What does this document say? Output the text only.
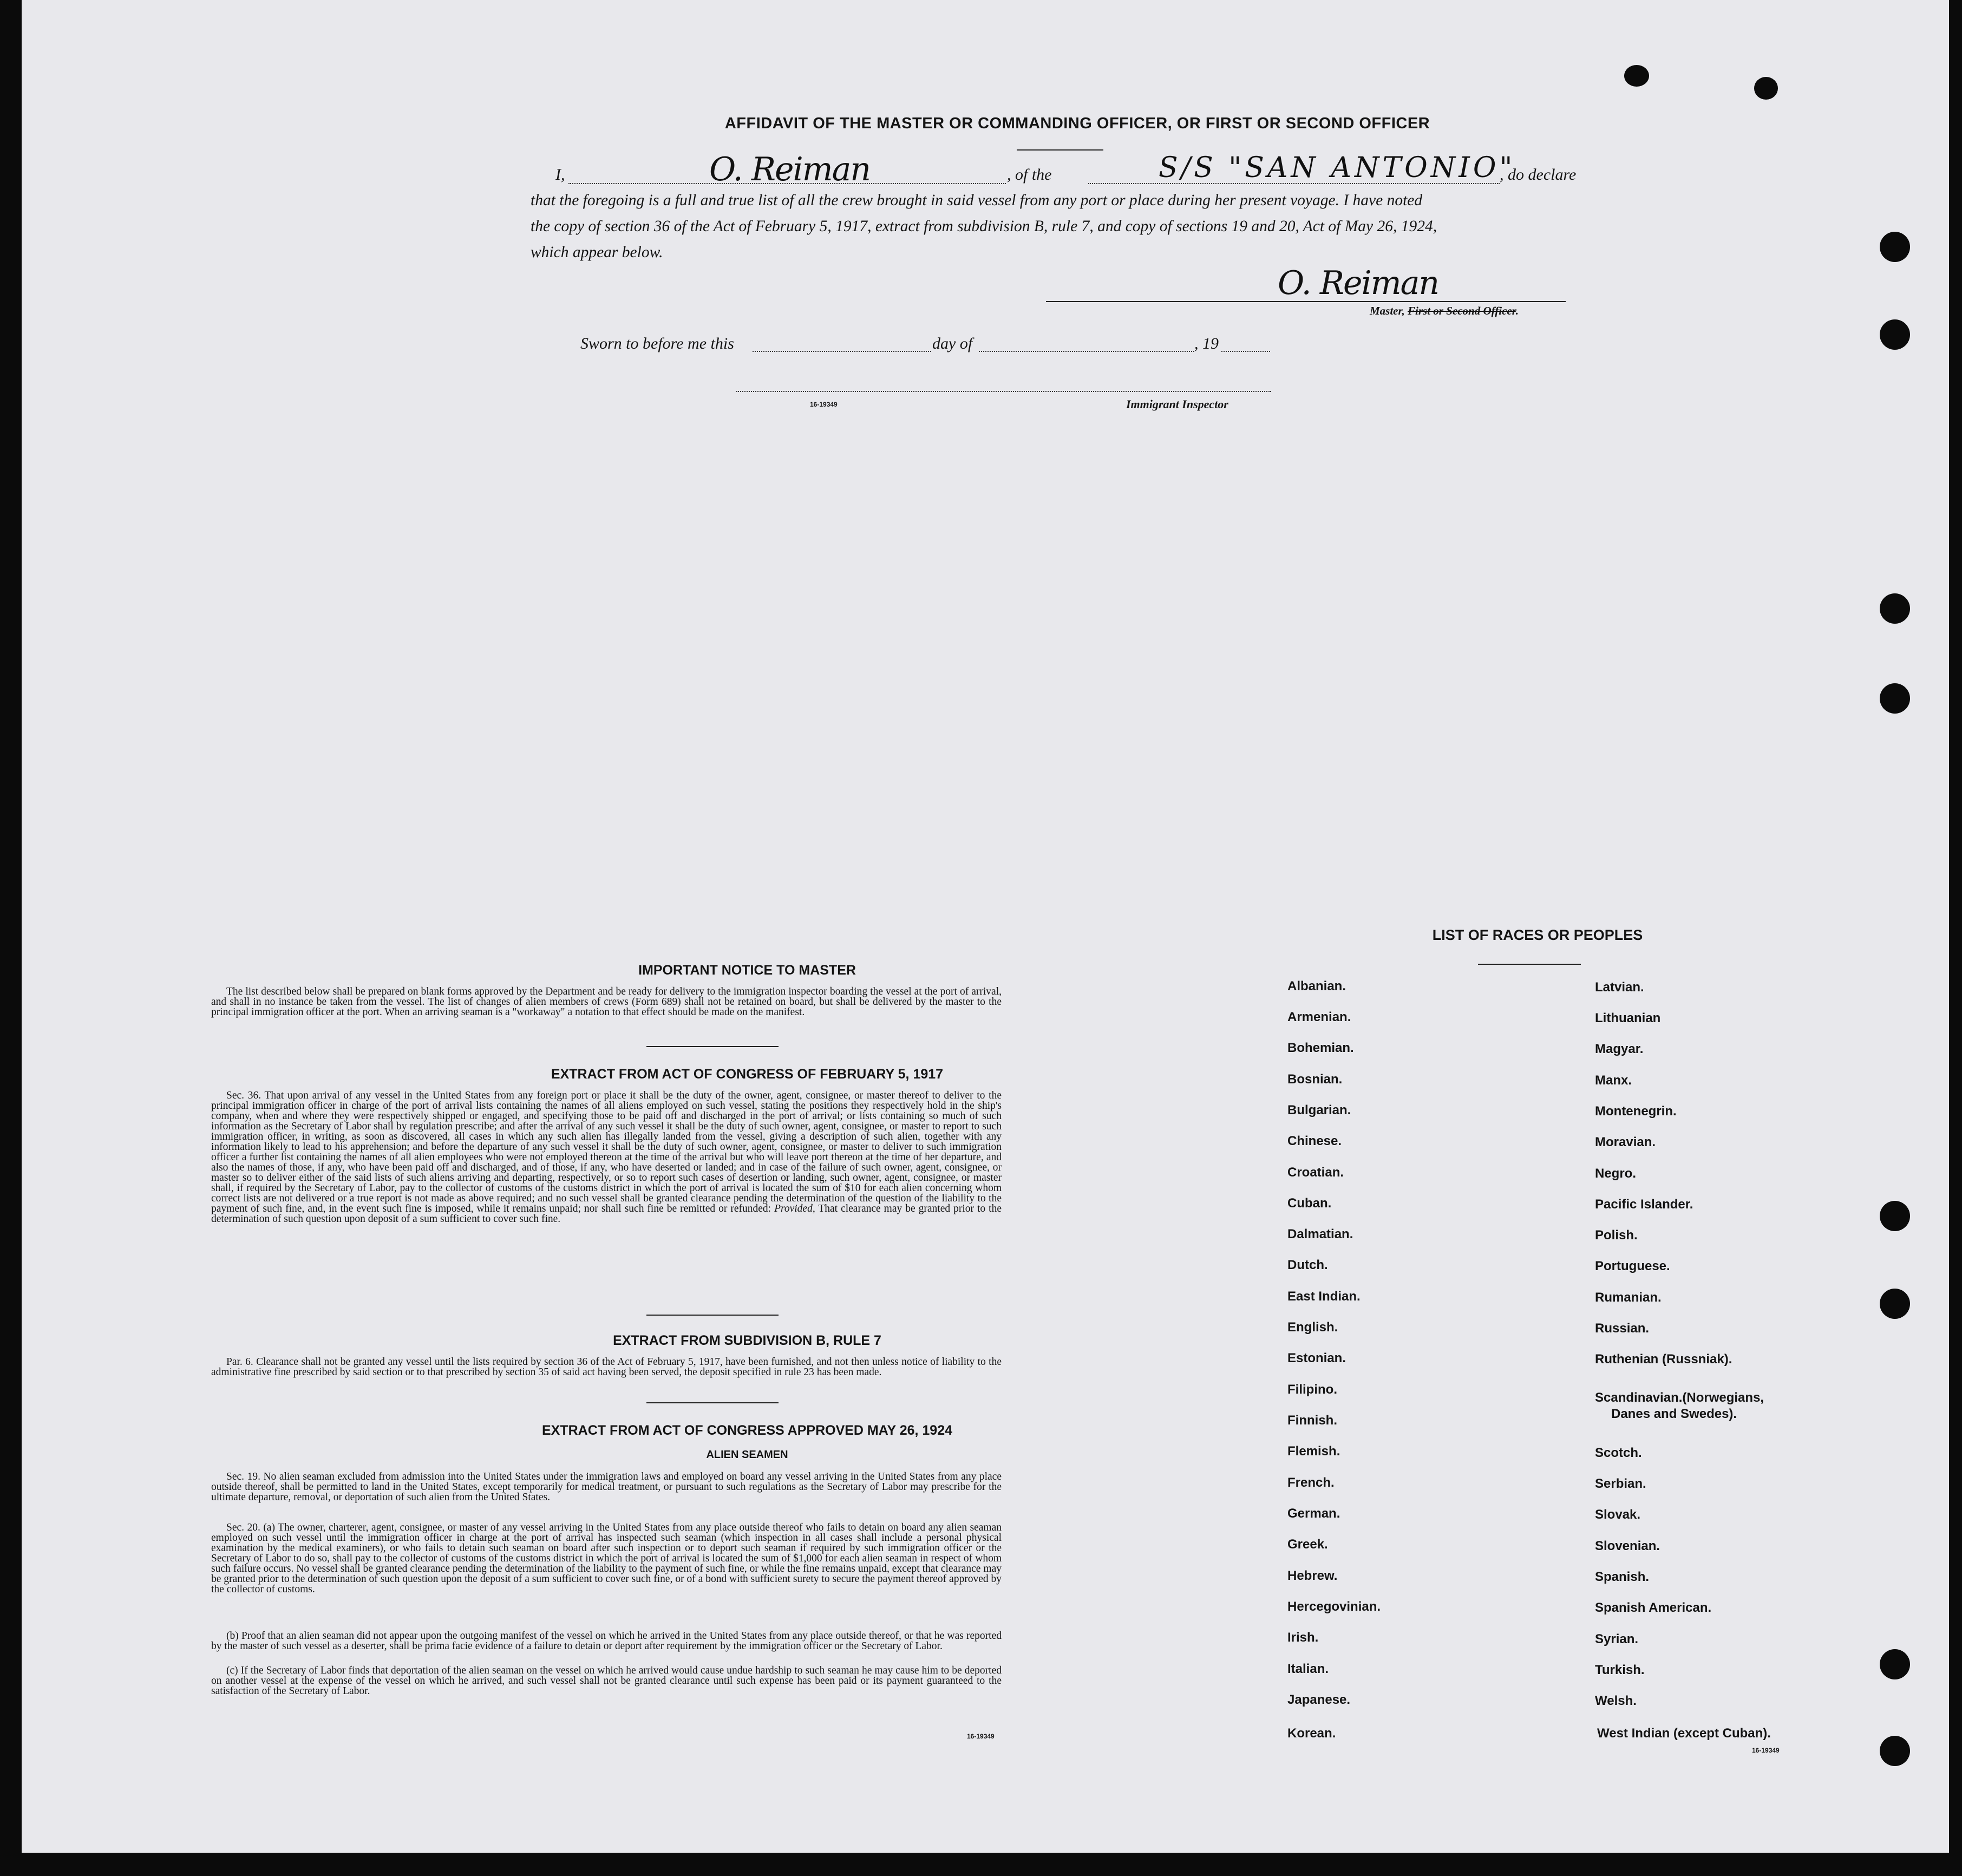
AFFIDAVIT OF THE MASTER OR COMMANDING OFFICER, OR FIRST OR SECOND OFFICER
I,	O. Reiman	, of the	S/S "SAN ANTONIO"
, do declare
that the foregoing is a full and true list of all the crew brought in said vessel from any port or place during her present voyage. I have noted
the copy of section 36 of the Act of February 5, 1917, extract from subdivision B, rule 7, and copy of sections 19 and 20, Act of May 26, 1924,
which appear below.
O. Reiman
Master, First or Second Officer.
Sworn to before me this	day of	, 19
16-19349	Immigrant Inspector
IMPORTANT NOTICE TO MASTER
The list described below shall be prepared on blank forms approved by the Department and be ready for delivery to the immigration inspector boarding the vessel at the port of arrival, and shall in no instance be taken from the vessel. The list of changes of alien members of crews (Form 689) shall not be retained on board, but shall be delivered by the master to the principal immigration officer at the port. When an arriving seaman is a "workaway" a notation to that effect should be made on the manifest.
EXTRACT FROM ACT OF CONGRESS OF FEBRUARY 5, 1917
Sec. 36. That upon arrival of any vessel in the United States from any foreign port or place it shall be the duty of the owner, agent, consignee, or master thereof to deliver to the principal immigration officer in charge of the port of arrival lists containing the names of all aliens employed on such vessel, stating the positions they respectively hold in the ship's company, when and where they were respectively shipped or engaged, and specifying those to be paid off and discharged in the port of arrival; or lists containing so much of such information as the Secretary of Labor shall by regulation prescribe; and after the arrival of any such vessel it shall be the duty of such owner, agent, consignee, or master to report to such immigration officer, in writing, as soon as discovered, all cases in which any such alien has illegally landed from the vessel, giving a description of such alien, together with any information likely to lead to his apprehension; and before the departure of any such vessel it shall be the duty of such owner, agent, consignee, or master to deliver to such immigration officer a further list containing the names of all alien employees who were not employed thereon at the time of the arrival but who will leave port thereon at the time of her departure, and also the names of those, if any, who have been paid off and discharged, and of those, if any, who have deserted or landed; and in case of the failure of such owner, agent, consignee, or master so to deliver either of the said lists of such aliens arriving and departing, respectively, or so to report such cases of desertion or landing, such owner, agent, consignee, or master shall, if required by the Secretary of Labor, pay to the collector of customs of the customs district in which the port of arrival is located the sum of $10 for each alien concerning whom correct lists are not delivered or a true report is not made as above required; and no such vessel shall be granted clearance pending the determination of the question of the liability to the payment of such fine, and, in the event such fine is imposed, while it remains unpaid; nor shall such fine be remitted or refunded: Provided, That clearance may be granted prior to the determination of such question upon deposit of a sum sufficient to cover such fine.
EXTRACT FROM SUBDIVISION B, RULE 7
Par. 6. Clearance shall not be granted any vessel until the lists required by section 36 of the Act of February 5, 1917, have been furnished, and not then unless notice of liability to the administrative fine prescribed by said section or to that prescribed by section 35 of said act having been served, the deposit specified in rule 23 has been made.
EXTRACT FROM ACT OF CONGRESS APPROVED MAY 26, 1924
ALIEN SEAMEN
Sec. 19. No alien seaman excluded from admission into the United States under the immigration laws and employed on board any vessel arriving in the United States from any place outside thereof, shall be permitted to land in the United States, except temporarily for medical treatment, or pursuant to such regulations as the Secretary of Labor may prescribe for the ultimate departure, removal, or deportation of such alien from the United States.
Sec. 20. (a) The owner, charterer, agent, consignee, or master of any vessel arriving in the United States from any place outside thereof who fails to detain on board any alien seaman employed on such vessel until the immigration officer in charge at the port of arrival has inspected such seaman (which inspection in all cases shall include a personal physical examination by the medical examiners), or who fails to detain such seaman on board after such inspection or to deport such seaman if required by such immigration officer or the Secretary of Labor to do so, shall pay to the collector of customs of the customs district in which the port of arrival is located the sum of $1,000 for each alien seaman in respect of whom such failure occurs. No vessel shall be granted clearance pending the determination of the liability to the payment of such fine, or while the fine remains unpaid, except that clearance may be granted prior to the determination of such question upon the deposit of a sum sufficient to cover such fine, or of a bond with sufficient surety to secure the payment thereof approved by the collector of customs.
(b) Proof that an alien seaman did not appear upon the outgoing manifest of the vessel on which he arrived in the United States from any place outside thereof, or that he was reported by the master of such vessel as a deserter, shall be prima facie evidence of a failure to detain or deport after requirement by the immigration officer or the Secretary of Labor.
(c) If the Secretary of Labor finds that deportation of the alien seaman on the vessel on which he arrived would cause undue hardship to such seaman he may cause him to be deported on another vessel at the expense of the vessel on which he arrived, and such vessel shall not be granted clearance until such expense has been paid or its payment guaranteed to the satisfaction of the Secretary of Labor.
16-19349
LIST OF RACES OR PEOPLES
Albanian.
Armenian.
Bohemian.
Bosnian.
Bulgarian.
Chinese.
Croatian.
Cuban.
Dalmatian.
Dutch.
East Indian.
English.
Estonian.
Filipino.
Finnish.
Flemish.
French.
German.
Greek.
Hebrew.
Hercegovinian.
Irish.
Italian.
Japanese.
Korean.
Latvian.
Lithuanian
Magyar.
Manx.
Montenegrin.
Moravian.
Negro.
Pacific Islander.
Polish.
Portuguese.
Rumanian.
Russian.
Ruthenian (Russniak).
Scandinavian.(Norwegians,
Danes and Swedes).
Scotch.
Serbian.
Slovak.
Slovenian.
Spanish.
Spanish American.
Syrian.
Turkish.
Welsh.
West Indian (except Cuban).
16-19349
